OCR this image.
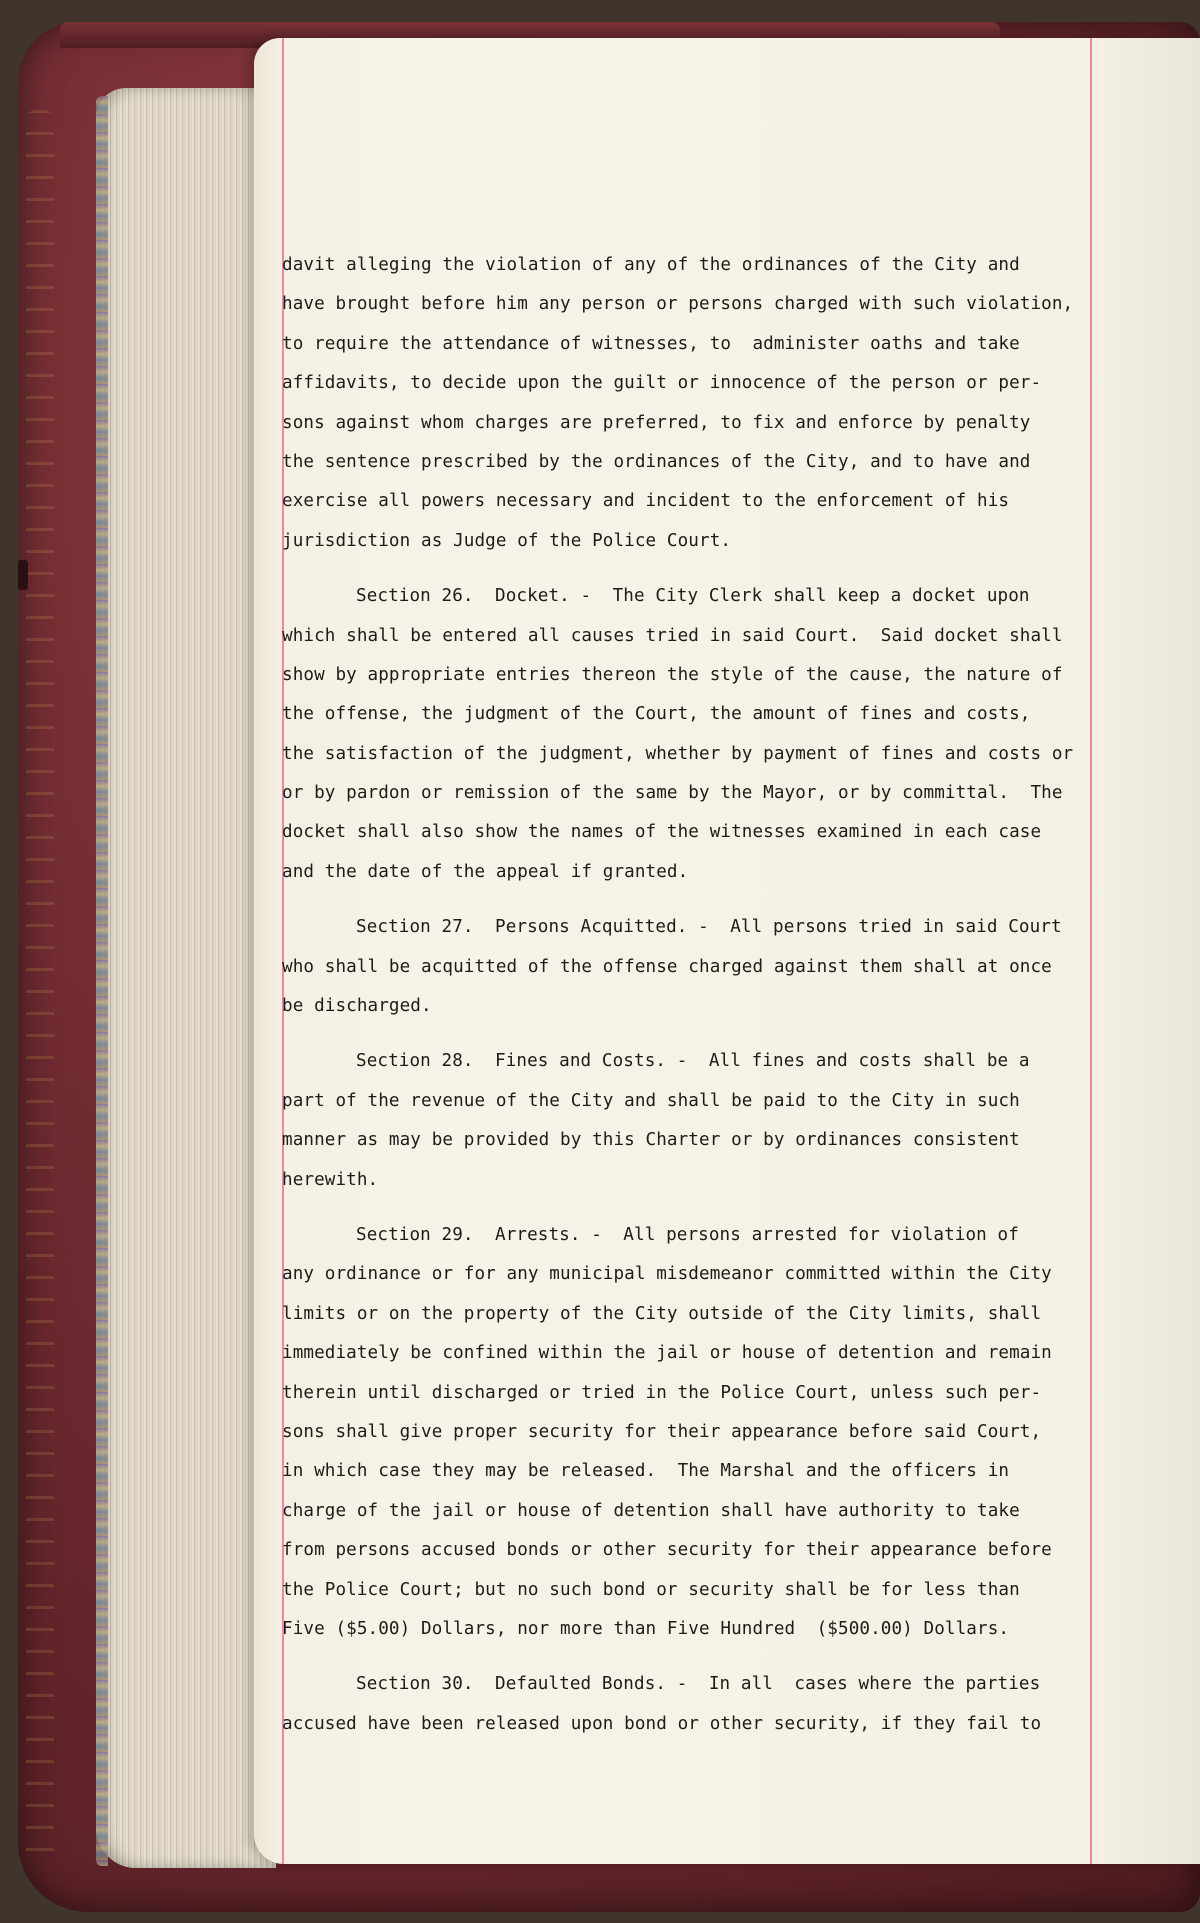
davit alleging the violation of any of the ordinances of the City and
have brought before him any person or persons charged with such violation,
to require the attendance of witnesses, to  administer oaths and take
affidavits, to decide upon the guilt or innocence of the person or per-
sons against whom charges are preferred, to fix and enforce by penalty
the sentence prescribed by the ordinances of the City, and to have and
exercise all powers necessary and incident to the enforcement of his
jurisdiction as Judge of the Police Court.
Section 26.  Docket. -  The City Clerk shall keep a docket upon
which shall be entered all causes tried in said Court.  Said docket shall
show by appropriate entries thereon the style of the cause, the nature of
the offense, the judgment of the Court, the amount of fines and costs,
the satisfaction of the judgment, whether by payment of fines and costs or
or by pardon or remission of the same by the Mayor, or by committal.  The
docket shall also show the names of the witnesses examined in each case
and the date of the appeal if granted.
Section 27.  Persons Acquitted. -  All persons tried in said Court
who shall be acquitted of the offense charged against them shall at once
be discharged.
Section 28.  Fines and Costs. -  All fines and costs shall be a
part of the revenue of the City and shall be paid to the City in such
manner as may be provided by this Charter or by ordinances consistent
herewith.
Section 29.  Arrests. -  All persons arrested for violation of
any ordinance or for any municipal misdemeanor committed within the City
limits or on the property of the City outside of the City limits, shall
immediately be confined within the jail or house of detention and remain
therein until discharged or tried in the Police Court, unless such per-
sons shall give proper security for their appearance before said Court,
in which case they may be released.  The Marshal and the officers in
charge of the jail or house of detention shall have authority to take
from persons accused bonds or other security for their appearance before
the Police Court; but no such bond or security shall be for less than
Five ($5.00) Dollars, nor more than Five Hundred  ($500.00) Dollars.
Section 30.  Defaulted Bonds. -  In all  cases where the parties
accused have been released upon bond or other security, if they fail to
